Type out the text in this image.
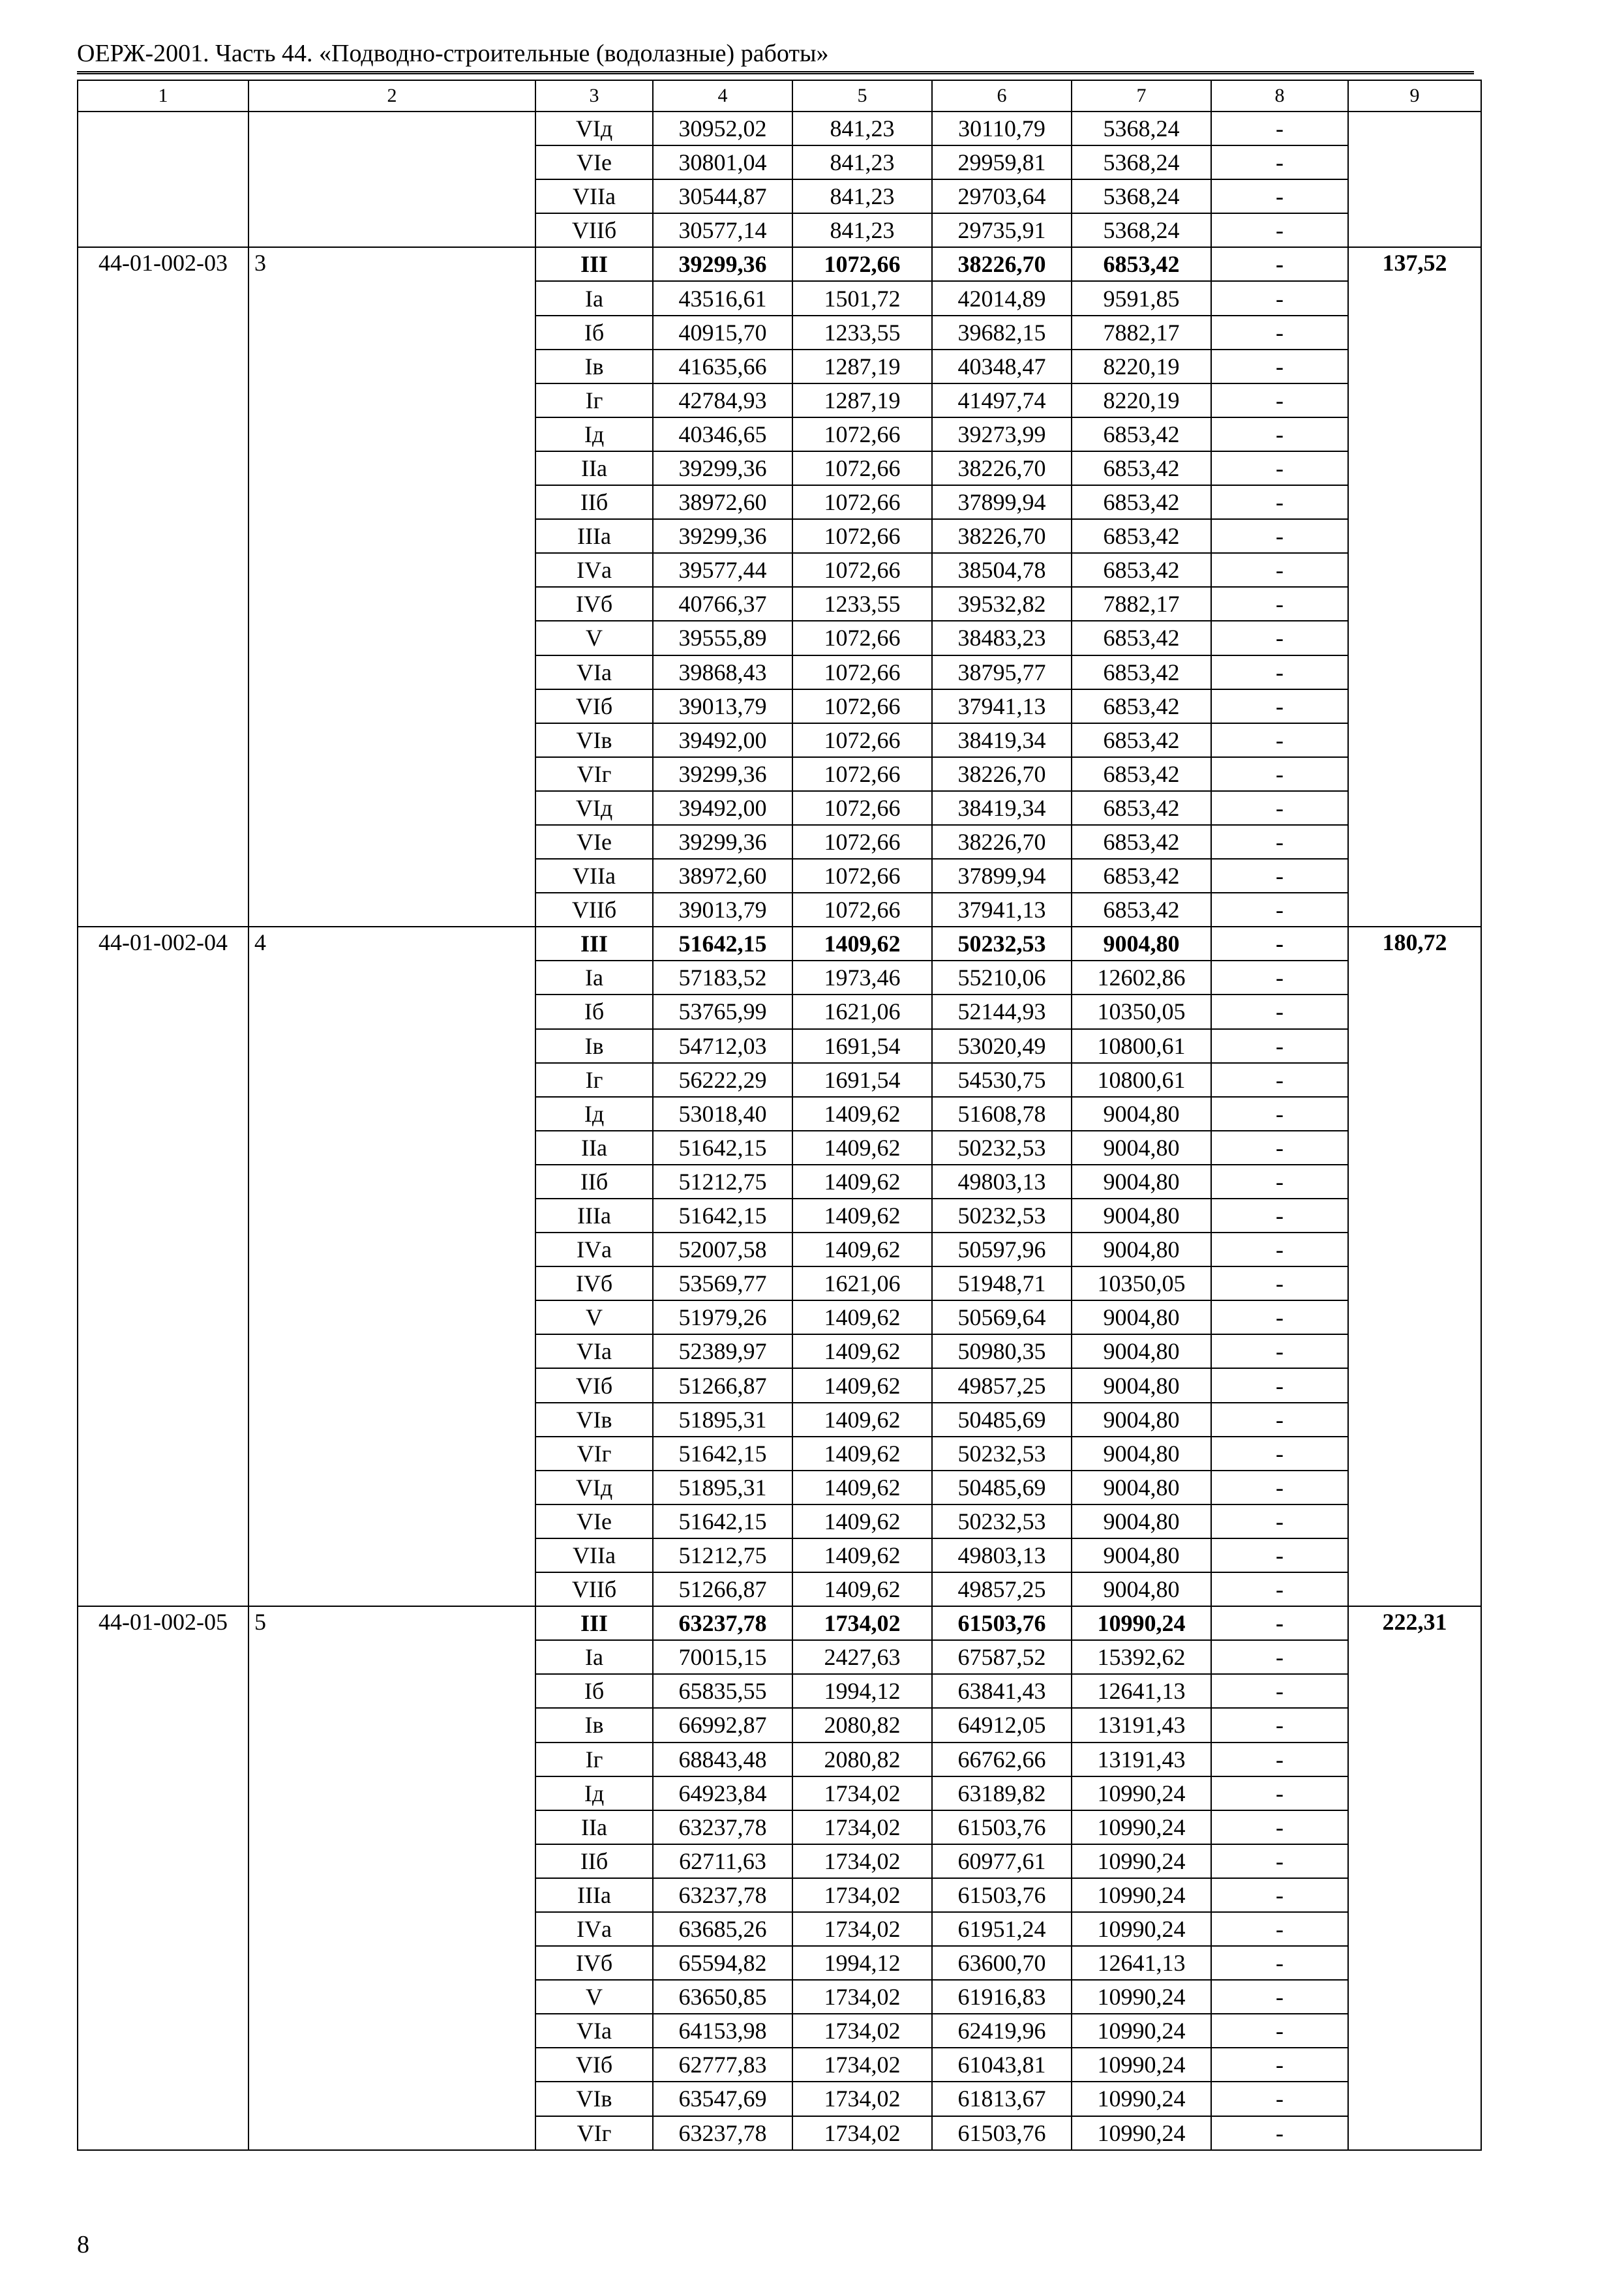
ОЕРЖ-2001. Часть 44. «Подводно-строительные (водолазные) работы»
1	2	3	4	5	6	7	8	9
		VIд	30952,02	841,23	30110,79	5368,24	-	
		VIе	30801,04	841,23	29959,81	5368,24	-	
		VIIа	30544,87	841,23	29703,64	5368,24	-	
		VIIб	30577,14	841,23	29735,91	5368,24	-	
44-01-002-03	3	III	39299,36	1072,66	38226,70	6853,42	-	137,52
		Iа	43516,61	1501,72	42014,89	9591,85	-	
		Iб	40915,70	1233,55	39682,15	7882,17	-	
		Iв	41635,66	1287,19	40348,47	8220,19	-	
		Iг	42784,93	1287,19	41497,74	8220,19	-	
		Iд	40346,65	1072,66	39273,99	6853,42	-	
		IIа	39299,36	1072,66	38226,70	6853,42	-	
		IIб	38972,60	1072,66	37899,94	6853,42	-	
		IIIа	39299,36	1072,66	38226,70	6853,42	-	
		IVа	39577,44	1072,66	38504,78	6853,42	-	
		IVб	40766,37	1233,55	39532,82	7882,17	-	
		V	39555,89	1072,66	38483,23	6853,42	-	
		VIа	39868,43	1072,66	38795,77	6853,42	-	
		VIб	39013,79	1072,66	37941,13	6853,42	-	
		VIв	39492,00	1072,66	38419,34	6853,42	-	
		VIг	39299,36	1072,66	38226,70	6853,42	-	
		VIд	39492,00	1072,66	38419,34	6853,42	-	
		VIе	39299,36	1072,66	38226,70	6853,42	-	
		VIIа	38972,60	1072,66	37899,94	6853,42	-	
		VIIб	39013,79	1072,66	37941,13	6853,42	-	
44-01-002-04	4	III	51642,15	1409,62	50232,53	9004,80	-	180,72
		Iа	57183,52	1973,46	55210,06	12602,86	-	
		Iб	53765,99	1621,06	52144,93	10350,05	-	
		Iв	54712,03	1691,54	53020,49	10800,61	-	
		Iг	56222,29	1691,54	54530,75	10800,61	-	
		Iд	53018,40	1409,62	51608,78	9004,80	-	
		IIа	51642,15	1409,62	50232,53	9004,80	-	
		IIб	51212,75	1409,62	49803,13	9004,80	-	
		IIIа	51642,15	1409,62	50232,53	9004,80	-	
		IVа	52007,58	1409,62	50597,96	9004,80	-	
		IVб	53569,77	1621,06	51948,71	10350,05	-	
		V	51979,26	1409,62	50569,64	9004,80	-	
		VIа	52389,97	1409,62	50980,35	9004,80	-	
		VIб	51266,87	1409,62	49857,25	9004,80	-	
		VIв	51895,31	1409,62	50485,69	9004,80	-	
		VIг	51642,15	1409,62	50232,53	9004,80	-	
		VIд	51895,31	1409,62	50485,69	9004,80	-	
		VIе	51642,15	1409,62	50232,53	9004,80	-	
		VIIа	51212,75	1409,62	49803,13	9004,80	-	
		VIIб	51266,87	1409,62	49857,25	9004,80	-	
44-01-002-05	5	III	63237,78	1734,02	61503,76	10990,24	-	222,31
		Iа	70015,15	2427,63	67587,52	15392,62	-	
		Iб	65835,55	1994,12	63841,43	12641,13	-	
		Iв	66992,87	2080,82	64912,05	13191,43	-	
		Iг	68843,48	2080,82	66762,66	13191,43	-	
		Iд	64923,84	1734,02	63189,82	10990,24	-	
		IIа	63237,78	1734,02	61503,76	10990,24	-	
		IIб	62711,63	1734,02	60977,61	10990,24	-	
		IIIа	63237,78	1734,02	61503,76	10990,24	-	
		IVа	63685,26	1734,02	61951,24	10990,24	-	
		IVб	65594,82	1994,12	63600,70	12641,13	-	
		V	63650,85	1734,02	61916,83	10990,24	-	
		VIа	64153,98	1734,02	62419,96	10990,24	-	
		VIб	62777,83	1734,02	61043,81	10990,24	-	
		VIв	63547,69	1734,02	61813,67	10990,24	-	
		VIг	63237,78	1734,02	61503,76	10990,24	-	
8
